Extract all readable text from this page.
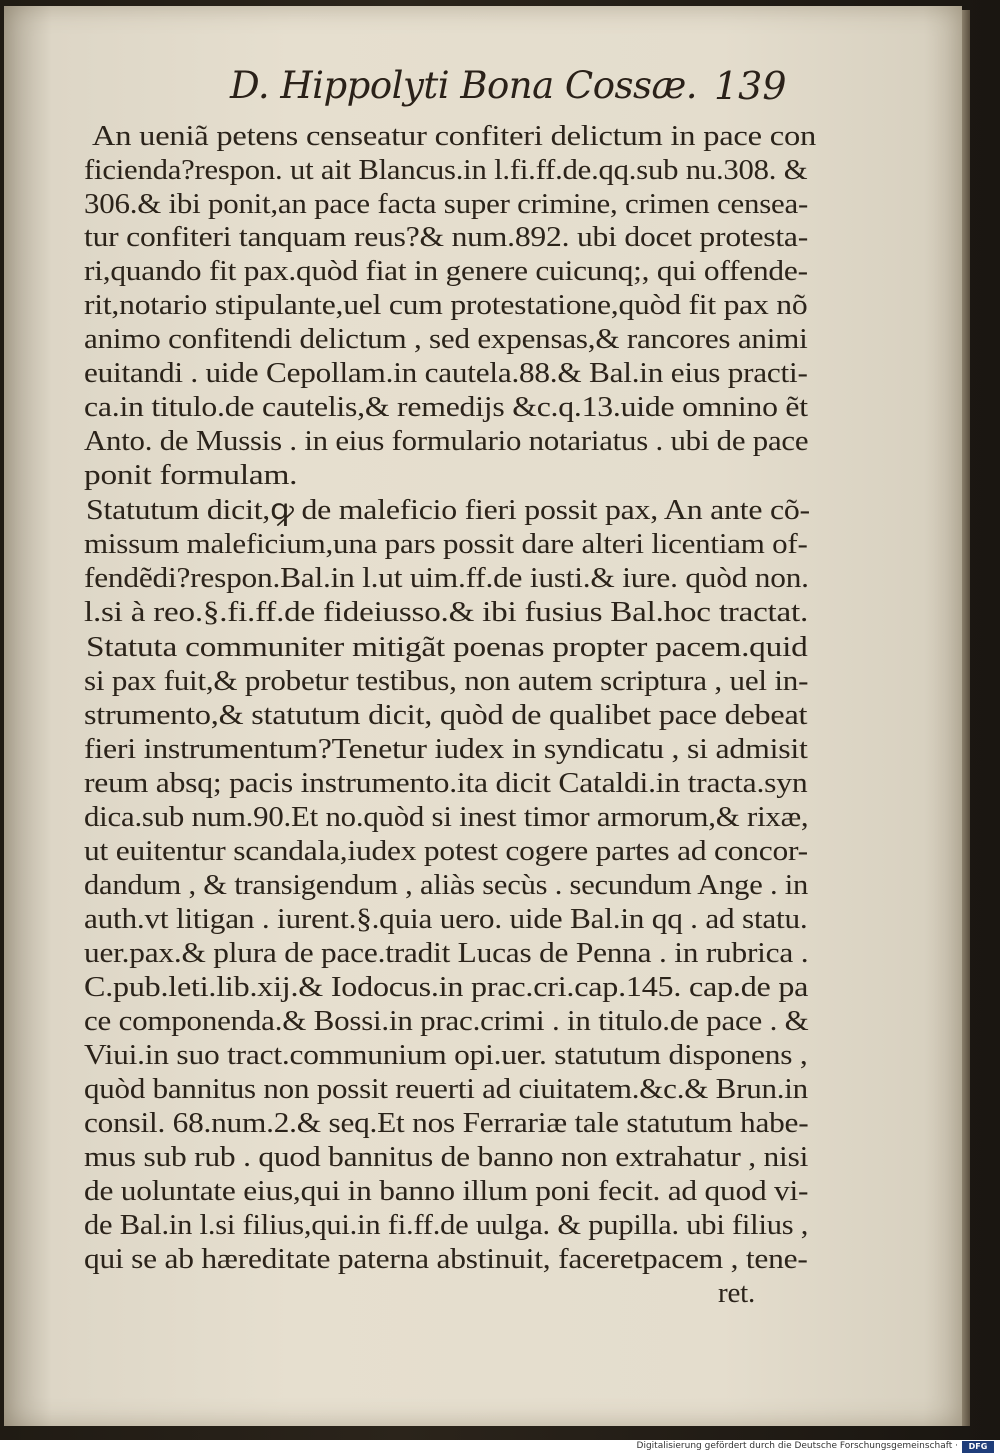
D. Hippolyti Bona Cossæ. 139
An ueniã petens censeatur confiteri delictum in pace con
ficienda?respon. ut ait Blancus.in l.fi.ff.de.qq.sub nu.308. &
306.& ibi ponit,an pace facta super crimine, crimen censea-
tur confiteri tanquam reus?& num.892. ubi docet protesta-
ri,quando fit pax.quòd fiat in genere cuicunq;, qui offende-
rit,notario stipulante,uel cum protestatione,quòd fit pax nõ
animo confitendi delictum , sed expensas,& rancores animi
euitandi . uide Cepollam.in cautela.88.& Bal.in eius practi-
ca.in titulo.de cautelis,& remedijs &c.q.13.uide omnino ẽt
Anto. de Mussis . in eius formulario notariatus . ubi de pace
ponit formulam.
Statutum dicit,ꝙ de maleficio fieri possit pax, An ante cõ-
missum maleficium,una pars possit dare alteri licentiam of-
fendẽdi?respon.Bal.in l.ut uim.ff.de iusti.& iure. quòd non.
l.si à reo.§.fi.ff.de fideiusso.& ibi fusius Bal.hoc tractat.
Statuta communiter mitigãt poenas propter pacem.quid
si pax fuit,& probetur testibus, non autem scriptura , uel in-
strumento,& statutum dicit, quòd de qualibet pace debeat
fieri instrumentum?Tenetur iudex in syndicatu , si admisit
reum absq; pacis instrumento.ita dicit Cataldi.in tracta.syn
dica.sub num.90.Et no.quòd si inest timor armorum,& rixæ,
ut euitentur scandala,iudex potest cogere partes ad concor-
dandum , & transigendum , aliàs secùs . secundum Ange . in
auth.vt litigan . iurent.§.quia uero. uide Bal.in qq . ad statu.
uer.pax.& plura de pace.tradit Lucas de Penna . in rubrica .
C.pub.leti.lib.xij.& Iodocus.in prac.cri.cap.145. cap.de pa
ce componenda.& Bossi.in prac.crimi . in titulo.de pace . &
Viui.in suo tract.communium opi.uer. statutum disponens ,
quòd bannitus non possit reuerti ad ciuitatem.&c.& Brun.in
consil. 68.num.2.& seq.Et nos Ferrariæ tale statutum habe-
mus sub rub . quod bannitus de banno non extrahatur , nisi
de uoluntate eius,qui in banno illum poni fecit. ad quod vi-
de Bal.in l.si filius,qui.in fi.ff.de uulga. & pupilla. ubi filius ,
qui se ab hæreditate paterna abstinuit, faceretpacem , tene-
ret.
Digitalisierung gefördert durch die Deutsche Forschungsgemeinschaft ·	DFG
